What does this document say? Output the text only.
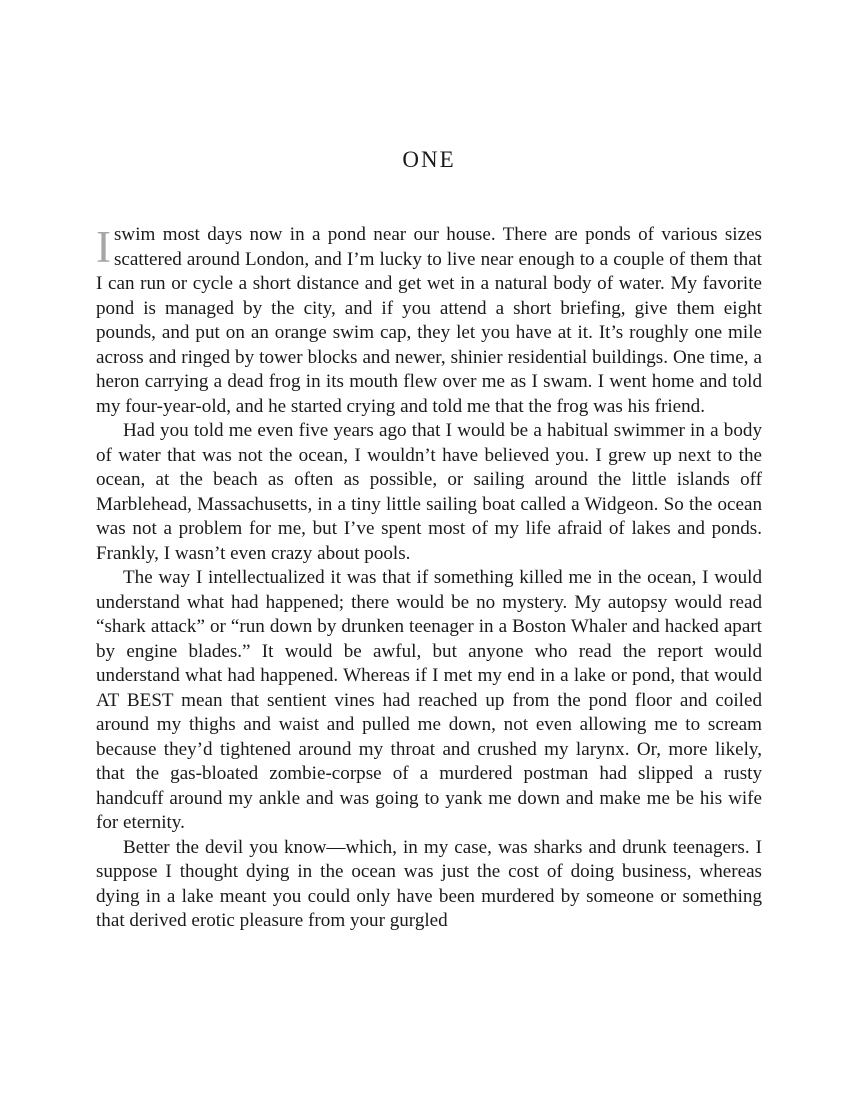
ONE

Iswim most days now in a pond near our house. There are ponds of various sizes scattered around London, and I’m lucky to live near enough to a couple of them that I can run or cycle a short distance and get wet in a natural body of water. My favorite pond is managed by the city, and if you attend a short briefing, give them eight pounds, and put on an orange swim cap, they let you have at it. It’s roughly one mile across and ringed by tower blocks and newer, shinier residential buildings. One time, a heron carrying a dead frog in its mouth flew over me as I swam. I went home and told my four-year-old, and he started crying and told me that the frog was his friend.

Had you told me even five years ago that I would be a habitual swimmer in a body of water that was not the ocean, I wouldn’t have believed you. I grew up next to the ocean, at the beach as often as possible, or sailing around the little islands off Marblehead, Massachusetts, in a tiny little sailing boat called a Widgeon. So the ocean was not a problem for me, but I’ve spent most of my life afraid of lakes and ponds. Frankly, I wasn’t even crazy about pools.

The way I intellectualized it was that if something killed me in the ocean, I would understand what had happened; there would be no mystery. My autopsy would read “shark attack” or “run down by drunken teenager in a Boston Whaler and hacked apart by engine blades.” It would be awful, but anyone who read the report would understand what had happened. Whereas if I met my end in a lake or pond, that would AT BEST mean that sentient vines had reached up from the pond floor and coiled around my thighs and waist and pulled me down, not even allowing me to scream because they’d tightened around my throat and crushed my larynx. Or, more likely, that the gas-bloated zombie-corpse of a murdered postman had slipped a rusty handcuff around my ankle and was going to yank me down and make me be his wife for eternity.

Better the devil you know—which, in my case, was sharks and drunk teenagers. I suppose I thought dying in the ocean was just the cost of doing business, whereas dying in a lake meant you could only have been murdered by someone or something that derived erotic pleasure from your gurgled
